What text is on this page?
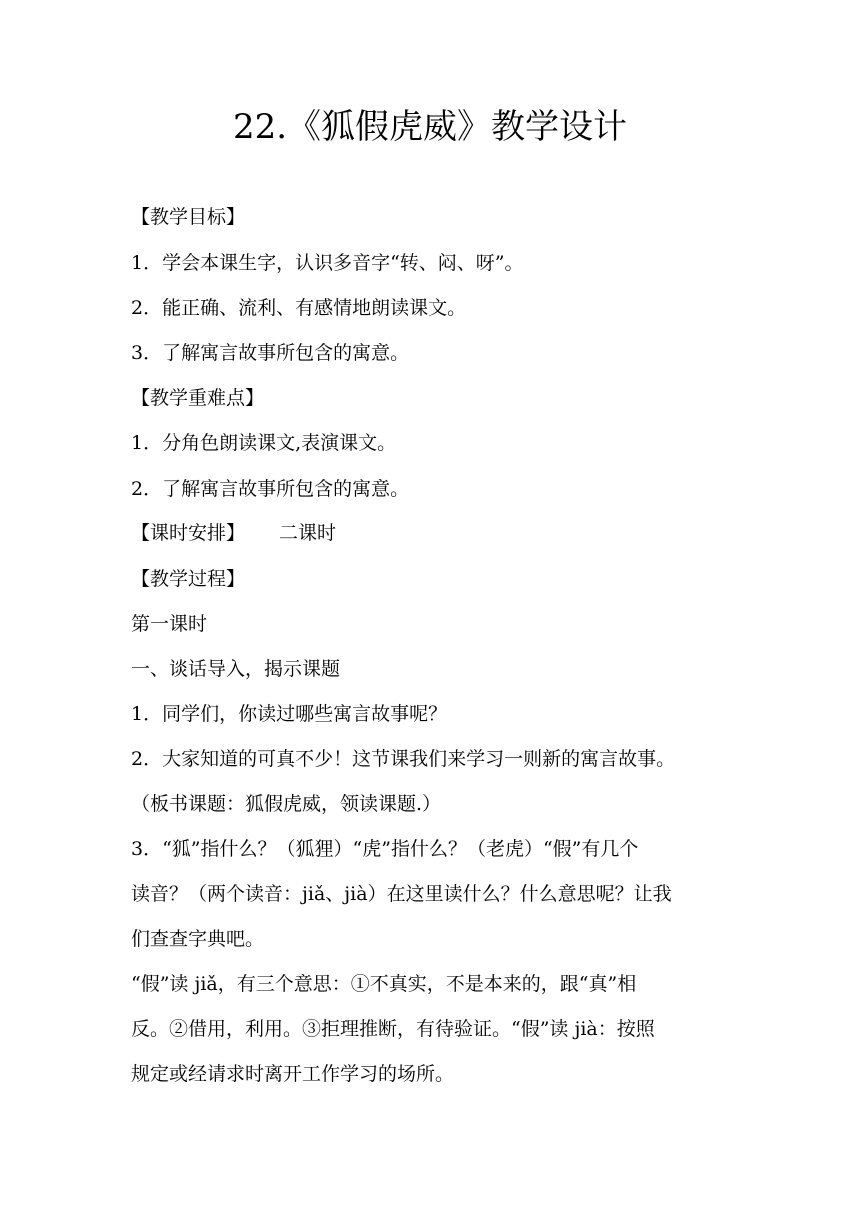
22.《狐假虎威》教学设计
【教学目标】
1．学会本课生字，认识多音字“转、闷、呀”。
2．能正确、流利、有感情地朗读课文。
3．了解寓言故事所包含的寓意。
【教学重难点】
1．分角色朗读课文,表演课文。
2．了解寓言故事所包含的寓意。
【课时安排】 二课时
【教学过程】
第一课时
一、谈话导入，揭示课题
1．同学们，你读过哪些寓言故事呢？
2．大家知道的可真不少！这节课我们来学习一则新的寓言故事。
（板书课题：狐假虎威，领读课题.）
3．“狐”指什么？（狐狸）“虎”指什么？（老虎）“假”有几个
读音？（两个读音：jiǎ、jià）在这里读什么？什么意思呢？让我
们查查字典吧。
“假”读 jiǎ，有三个意思：①不真实，不是本来的，跟“真”相
反。②借用，利用。③拒理推断，有待验证。“假”读 jià：按照
规定或经请求时离开工作学习的场所。
